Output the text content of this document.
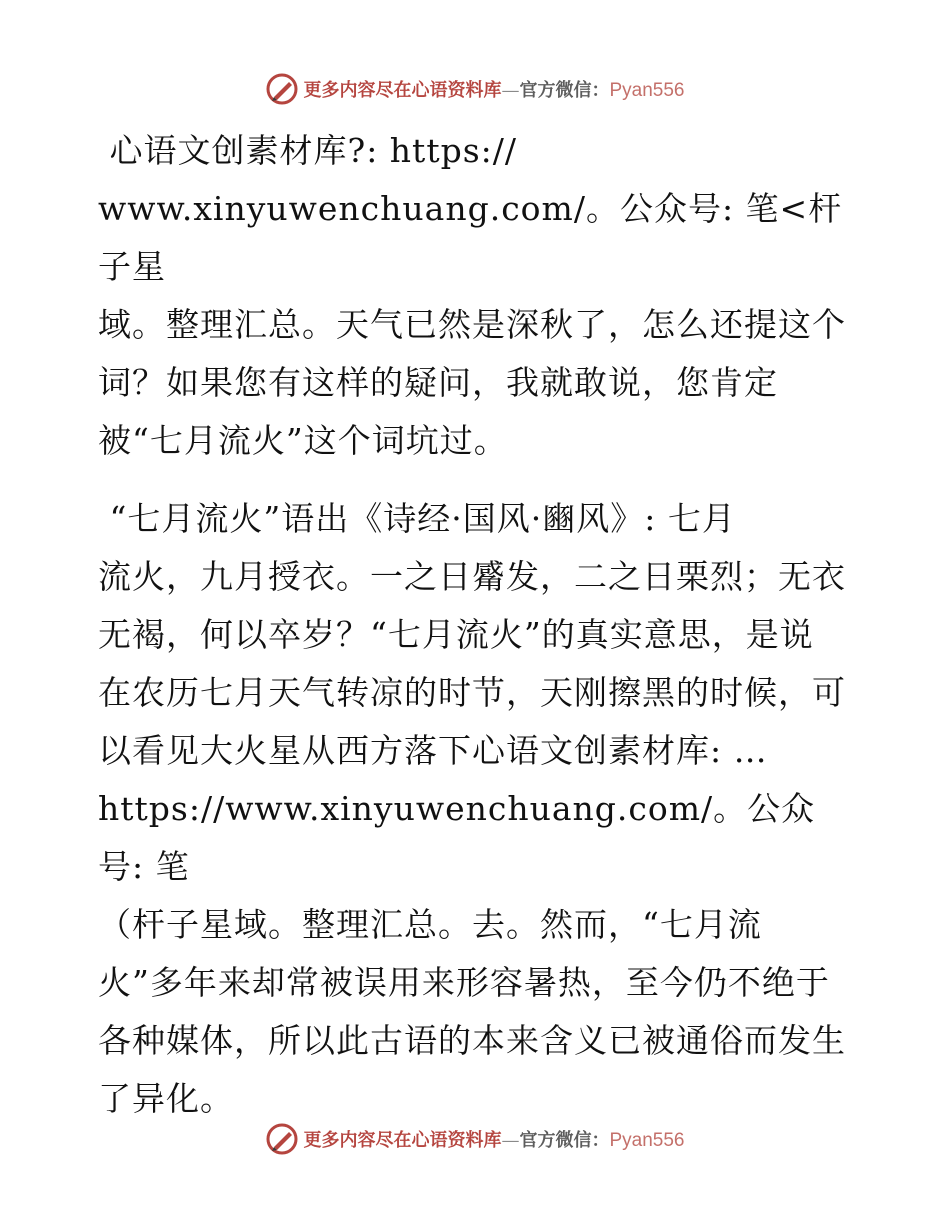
更多内容尽在心语资料库—官方微信：Pyan556

心语文创素材库?: https://
www.xinyuwenchuang.com/。公众号: 笔<杆子星
域。整理汇总。天气已然是深秋了，怎么还提这个
词？如果您有这样的疑问，我就敢说，您肯定
被“七月流火”这个词坑过。

“七月流火”语出《诗经·国风·豳风》: 七月
流火，九月授衣。一之日觱发，二之日栗烈；无衣
无褐，何以卒岁？“七月流火”的真实意思，是说
在农历七月天气转凉的时节，天刚擦黑的时候，可
以看见大火星从西方落下心语文创素材库: …
https://www.xinyuwenchuang.com/。公众号: 笔
（杆子星域。整理汇总。去。然而，“七月流
火”多年来却常被误用来形容暑热，至今仍不绝于
各种媒体，所以此古语的本来含义已被通俗而发生
了异化。

更多内容尽在心语资料库—官方微信：Pyan556
